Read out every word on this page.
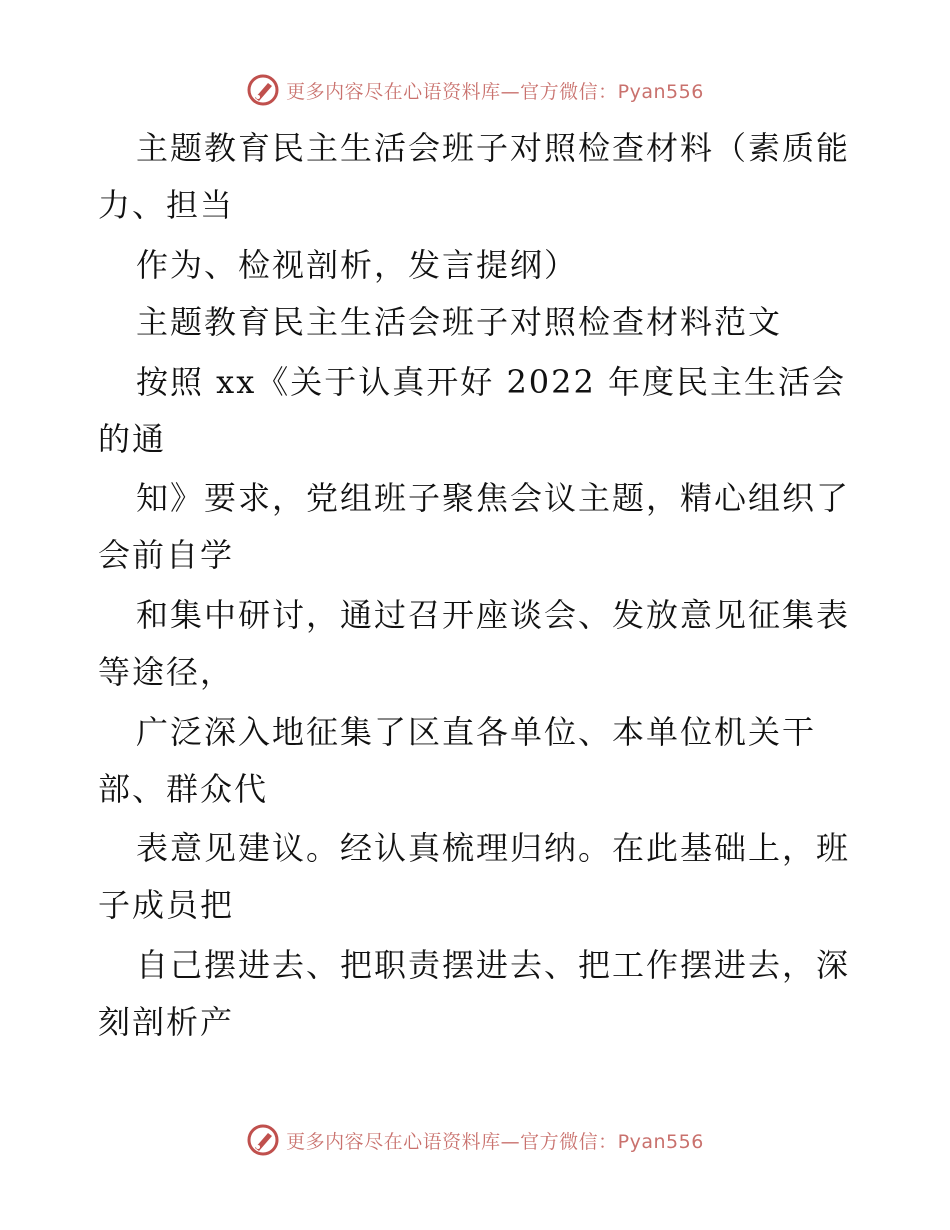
更多内容尽在心语资料库—官方微信：Pyan556
主题教育民主生活会班子对照检查材料（素质能
力、担当
作为、检视剖析，发言提纲）
主题教育民主生活会班子对照检查材料范文
按照 xx《关于认真开好 2022 年度民主生活会
的通
知》要求，党组班子聚焦会议主题，精心组织了
会前自学
和集中研讨，通过召开座谈会、发放意见征集表
等途径，
广泛深入地征集了区直各单位、本单位机关干
部、群众代
表意见建议。经认真梳理归纳。在此基础上，班
子成员把
自己摆进去、把职责摆进去、把工作摆进去，深
刻剖析产
更多内容尽在心语资料库—官方微信：Pyan556
